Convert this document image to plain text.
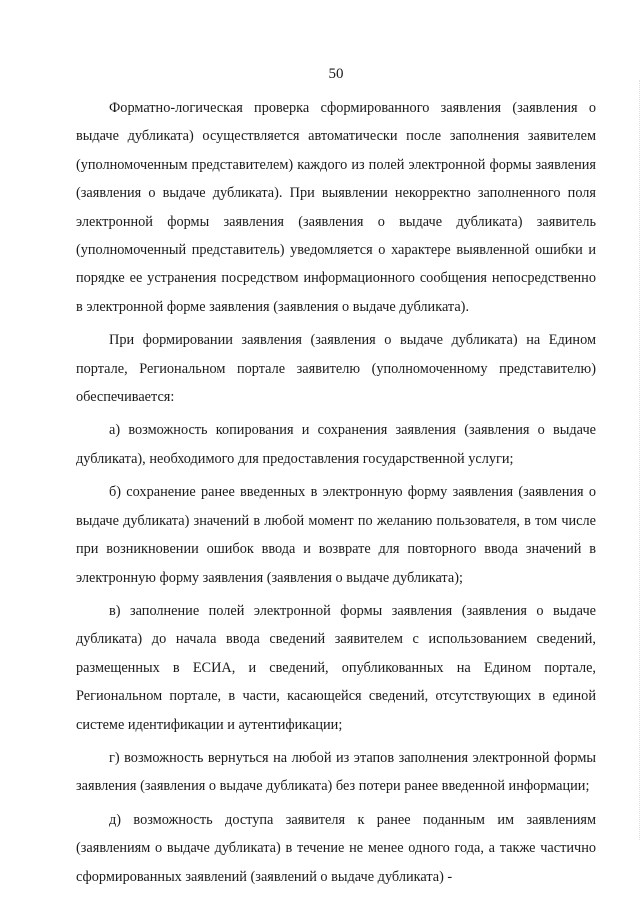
50

Форматно-логическая проверка сформированного заявления (заявления о выдаче дубликата) осуществляется автоматически после заполнения заявителем (уполномоченным представителем) каждого из полей электронной формы заявления (заявления о выдаче дубликата). При выявлении некорректно заполненного поля электронной формы заявления (заявления о выдаче дубликата) заявитель (уполномоченный представитель) уведомляется о характере выявленной ошибки и порядке ее устранения посредством информационного сообщения непосредственно в электронной форме заявления (заявления о выдаче дубликата).

При формировании заявления (заявления о выдаче дубликата) на Едином портале, Региональном портале заявителю (уполномоченному представителю) обеспечивается:

а) возможность копирования и сохранения заявления (заявления о выдаче дубликата), необходимого для предоставления государственной услуги;

б) сохранение ранее введенных в электронную форму заявления (заявления о выдаче дубликата) значений в любой момент по желанию пользователя, в том числе при возникновении ошибок ввода и возврате для повторного ввода значений в электронную форму заявления (заявления о выдаче дубликата);

в) заполнение полей электронной формы заявления (заявления о выдаче дубликата) до начала ввода сведений заявителем с использованием сведений, размещенных в ЕСИА, и сведений, опубликованных на Едином портале, Региональном портале, в части, касающейся сведений, отсутствующих в единой системе идентификации и аутентификации;

г) возможность вернуться на любой из этапов заполнения электронной формы заявления (заявления о выдаче дубликата) без потери ранее введенной информации;

д) возможность доступа заявителя к ранее поданным им заявлениям (заявлениям о выдаче дубликата) в течение не менее одного года, а также частично сформированных заявлений (заявлений о выдаче дубликата) -
